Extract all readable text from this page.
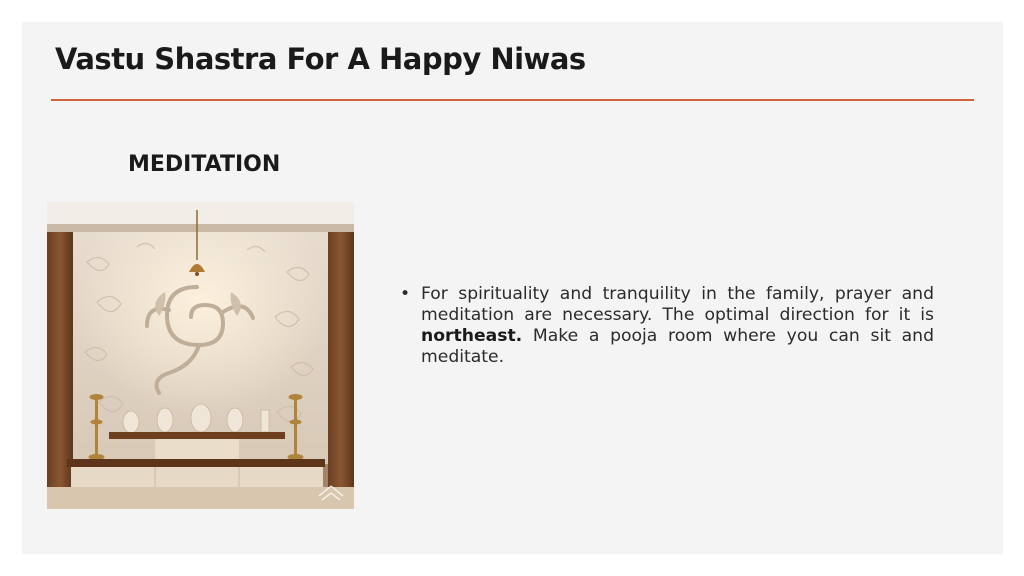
Vastu Shastra For A Happy Niwas
MEDITATION
• For spirituality and tranquility in the family, prayer and meditation are necessary. The optimal direction for it is northeast. Make a pooja room where you can sit and meditate.
